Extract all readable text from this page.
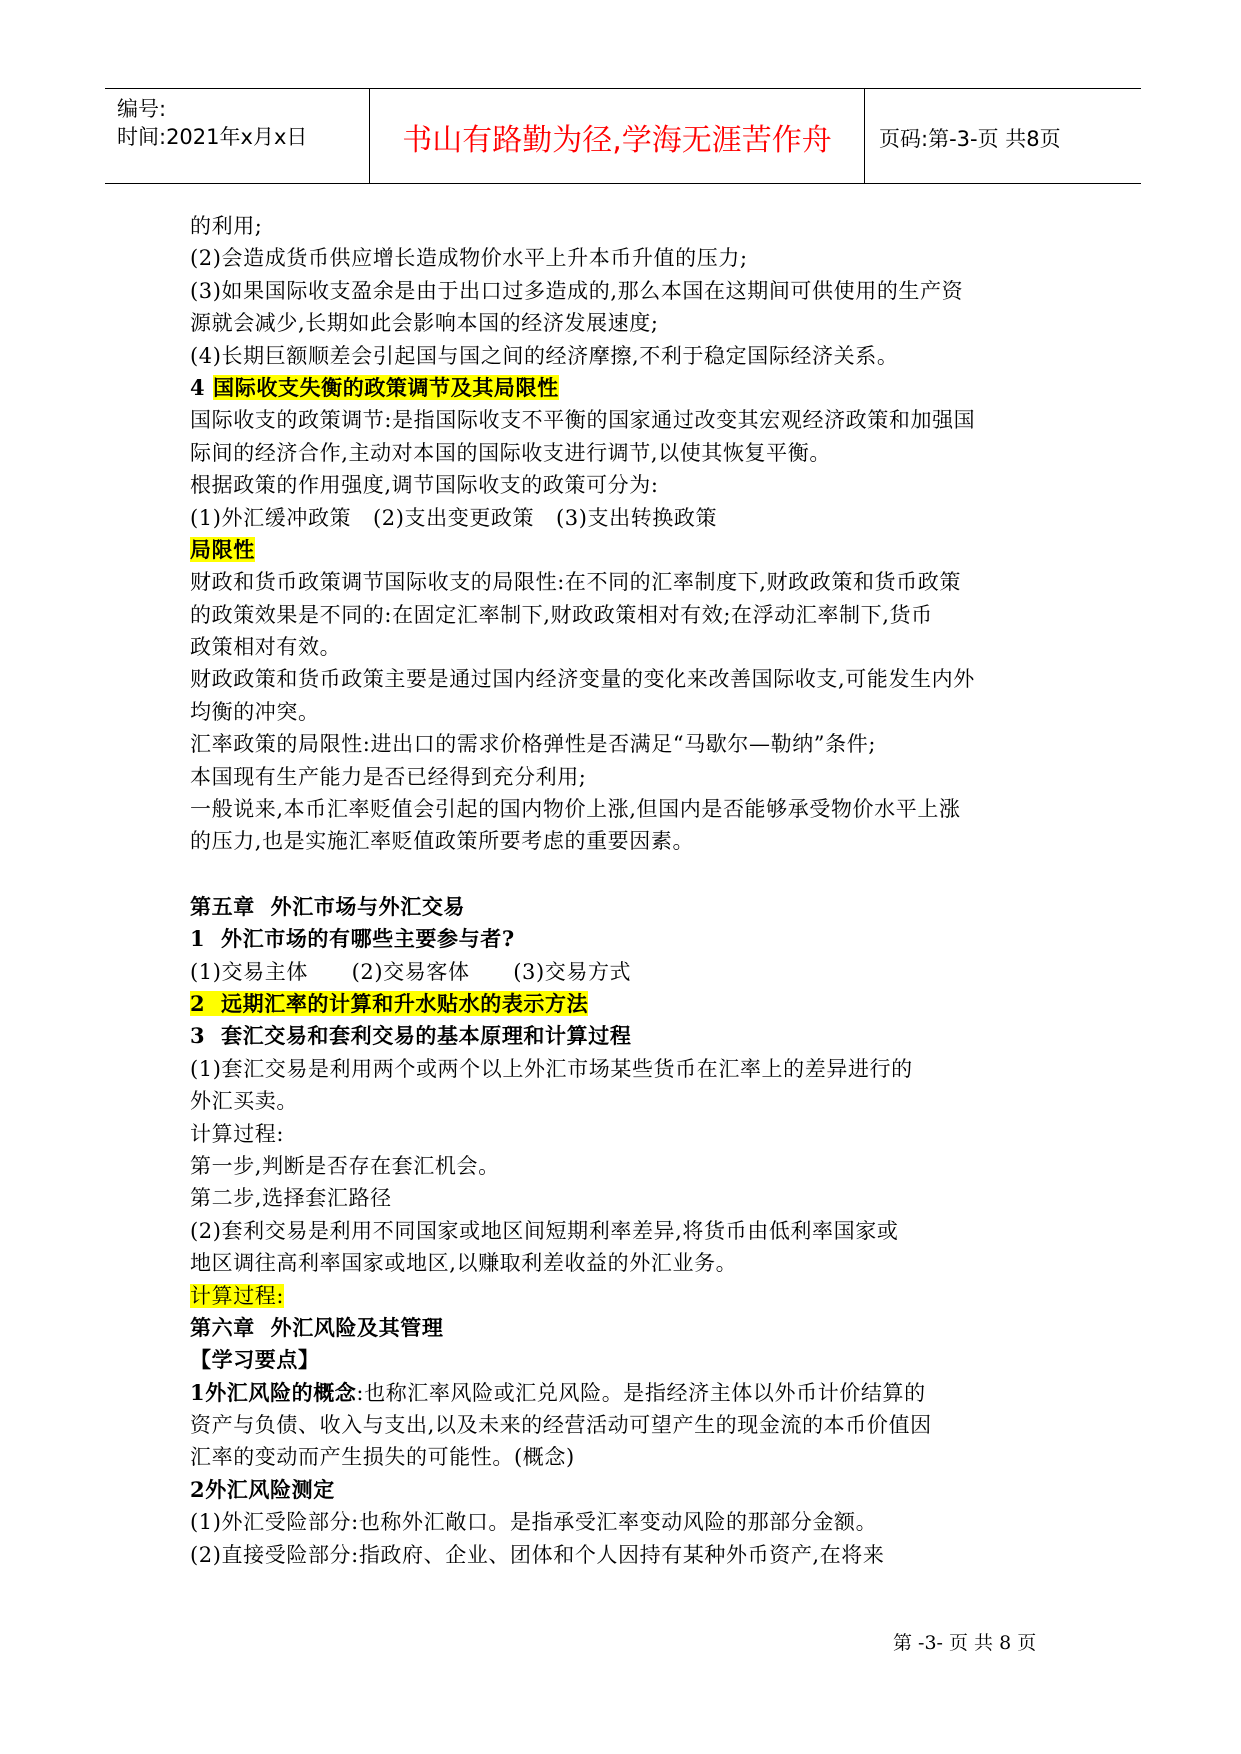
编号:
时间:2021年x月x日	书山有路勤为径,学海无涯苦作舟	页码:第-3-页 共8页
的利用;
(2)会造成货币供应增长造成物价水平上升本币升值的压力;
(3)如果国际收支盈余是由于出口过多造成的,那么本国在这期间可供使用的生产资
源就会减少,长期如此会影响本国的经济发展速度;
(4)长期巨额顺差会引起国与国之间的经济摩擦,不利于稳定国际经济关系。
4 国际收支失衡的政策调节及其局限性
国际收支的政策调节:是指国际收支不平衡的国家通过改变其宏观经济政策和加强国
际间的经济合作,主动对本国的国际收支进行调节,以使其恢复平衡。
根据政策的作用强度,调节国际收支的政策可分为:
(1)外汇缓冲政策   (2)支出变更政策   (3)支出转换政策
局限性
财政和货币政策调节国际收支的局限性:在不同的汇率制度下,财政政策和货币政策
的政策效果是不同的:在固定汇率制下,财政政策相对有效;在浮动汇率制下,货币
政策相对有效。
财政政策和货币政策主要是通过国内经济变量的变化来改善国际收支,可能发生内外
均衡的冲突。
汇率政策的局限性:进出口的需求价格弹性是否满足“马歇尔—勒纳”条件;
本国现有生产能力是否已经得到充分利用;
一般说来,本币汇率贬值会引起的国内物价上涨,但国内是否能够承受物价水平上涨
的压力,也是实施汇率贬值政策所要考虑的重要因素。
第五章  外汇市场与外汇交易
1  外汇市场的有哪些主要参与者?
(1)交易主体      (2)交易客体      (3)交易方式
2  远期汇率的计算和升水贴水的表示方法
3  套汇交易和套利交易的基本原理和计算过程
(1)套汇交易是利用两个或两个以上外汇市场某些货币在汇率上的差异进行的
外汇买卖。
计算过程:
第一步,判断是否存在套汇机会。
第二步,选择套汇路径
(2)套利交易是利用不同国家或地区间短期利率差异,将货币由低利率国家或
地区调往高利率国家或地区,以赚取利差收益的外汇业务。
计算过程:
第六章  外汇风险及其管理
【学习要点】
1外汇风险的概念:也称汇率风险或汇兑风险。是指经济主体以外币计价结算的
资产与负债、收入与支出,以及未来的经营活动可望产生的现金流的本币价值因
汇率的变动而产生损失的可能性。(概念)
2外汇风险测定
(1)外汇受险部分:也称外汇敞口。是指承受汇率变动风险的那部分金额。
(2)直接受险部分:指政府、企业、团体和个人因持有某种外币资产,在将来
第 -3- 页 共 8 页
